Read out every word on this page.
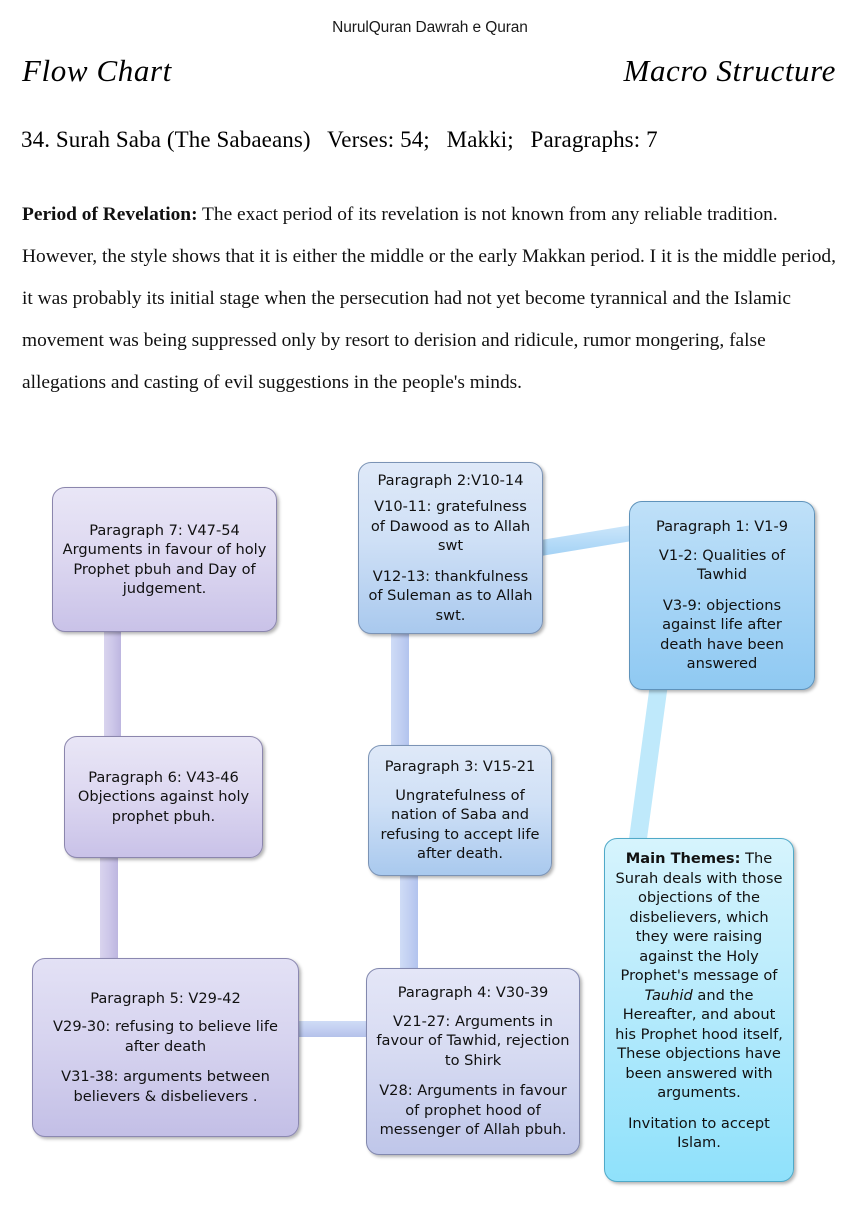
NurulQuran Dawrah e Quran
Flow Chart	Macro Structure
34. Surah Saba (The Sabaeans) Verses: 54; Makki; Paragraphs: 7
Period of Revelation: The exact period of its revelation is not known from any reliable tradition. However, the style shows that it is either the middle or the early Makkan period. I it is the middle period, it was probably its initial stage when the persecution had not yet become tyrannical and the Islamic movement was being suppressed only by resort to derision and ridicule, rumor mongering, false allegations and casting of evil suggestions in the people's minds.

Paragraph 7: V47-54

Arguments in favour of holy Prophet pbuh and Day of judgement.

Paragraph 2:V10-14

V10-11: gratefulness of Dawood as to Allah swt

V12-13: thankfulness of Suleman as to Allah swt.

Paragraph 1: V1-9

V1-2: Qualities of Tawhid

V3-9: objections against life after death have been answered

Paragraph 6: V43-46

Objections against holy prophet pbuh.

Paragraph 3: V15-21

Ungratefulness of nation of Saba and refusing to accept life after death.

Paragraph 5: V29-42

V29-30: refusing to believe life after death

V31-38: arguments between believers & disbelievers .

Paragraph 4: V30-39

V21-27: Arguments in favour of Tawhid, rejection to Shirk

V28: Arguments in favour of prophet hood of messenger of Allah pbuh.

Main Themes: The Surah deals with those objections of the disbelievers, which they were raising against the Holy Prophet's message of Tauhid and the Hereafter, and about his Prophet hood itself, These objections have been answered with arguments.

Invitation to accept Islam.
